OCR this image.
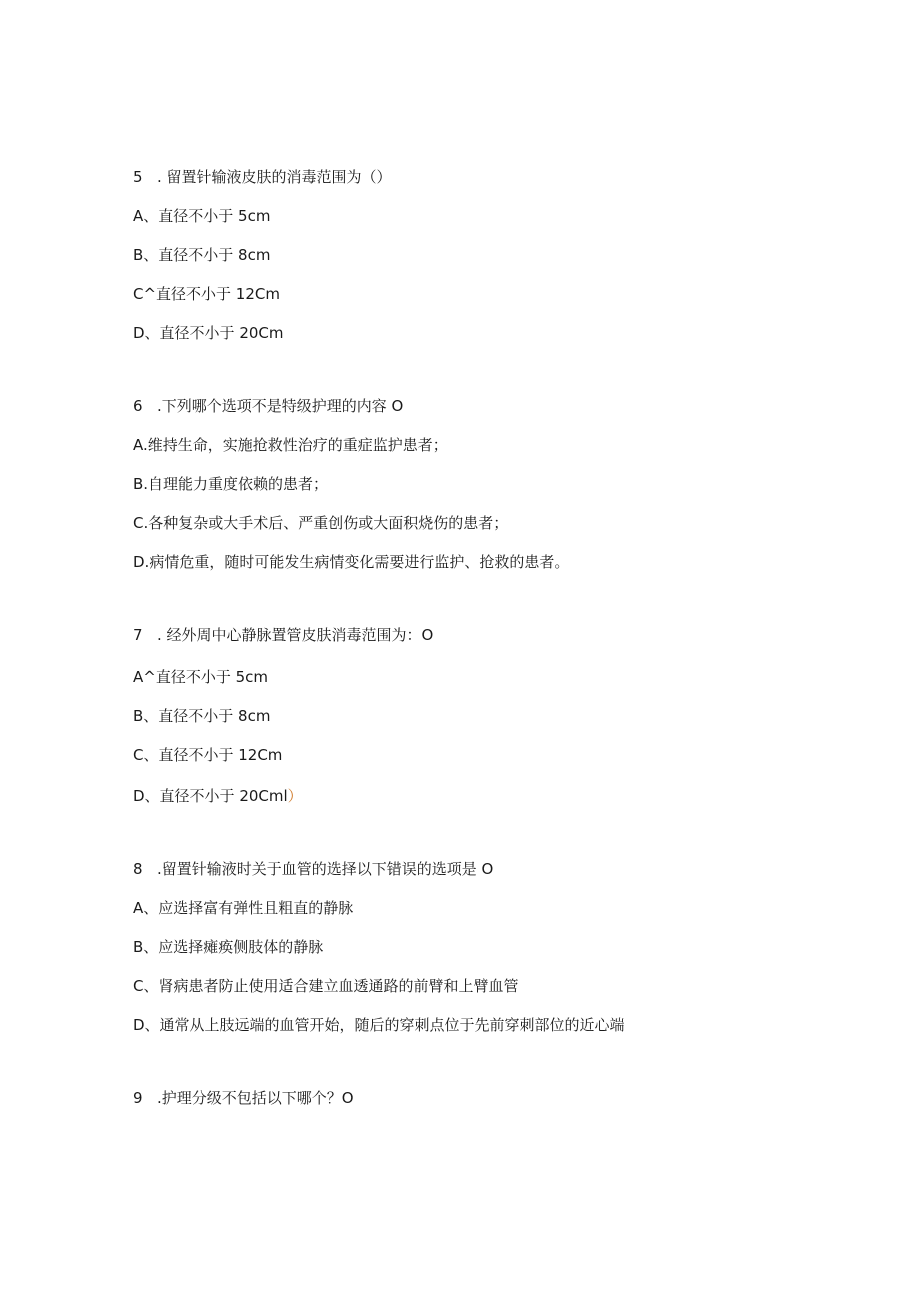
5 . 留置针输液皮肤的消毒范围为（）
A、直径不小于 5cm
B、直径不小于 8cm
C^直径不小于 12Cm
D、直径不小于 20Cm
6 .下列哪个选项不是特级护理的内容 O
A.维持生命，实施抢救性治疗的重症监护患者；
B.自理能力重度依赖的患者；
C.各种复杂或大手术后、严重创伤或大面积烧伤的患者；
D.病情危重，随时可能发生病情变化需要进行监护、抢救的患者。
7 . 经外周中心静脉置管皮肤消毒范围为：O
A^直径不小于 5cm
B、直径不小于 8cm
C、直径不小于 12Cm
D、直径不小于 20Cml）
8 .留置针输液时关于血管的选择以下错误的选项是 O
A、应选择富有弹性且粗直的静脉
B、应选择瘫痪侧肢体的静脉
C、肾病患者防止使用适合建立血透通路的前臂和上臂血管
D、通常从上肢远端的血管开始，随后的穿刺点位于先前穿刺部位的近心端
9 .护理分级不包括以下哪个？O
